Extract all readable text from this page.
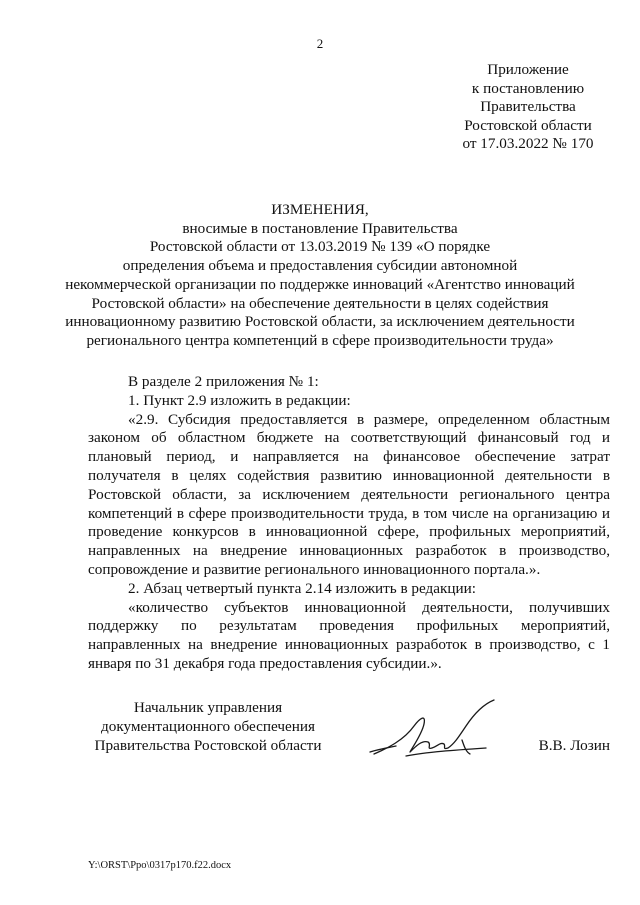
2
Приложение
к постановлению
Правительства
Ростовской области
от 17.03.2022 № 170
ИЗМЕНЕНИЯ,
вносимые в постановление Правительства
Ростовской области от 13.03.2019 № 139 «О порядке
определения объема и предоставления субсидии автономной
некоммерческой организации по поддержке инноваций «Агентство инноваций
Ростовской области» на обеспечение деятельности в целях содействия
инновационному развитию Ростовской области, за исключением деятельности
регионального центра компетенций в сфере производительности труда»

В разделе 2 приложения № 1:

1. Пункт 2.9 изложить в редакции:

«2.9. Субсидия предоставляется в размере, определенном областным законом об областном бюджете на соответствующий финансовый год и плановый период, и направляется на финансовое обеспечение затрат получателя в целях содействия развитию инновационной деятельности в Ростовской области, за исключением деятельности регионального центра компетенций в сфере производительности труда, в том числе на организацию и проведение конкурсов в инновационной сфере, профильных мероприятий, направленных на внедрение инновационных разработок в производство, сопровождение и развитие регионального инновационного портала.».

2. Абзац четвертый пункта 2.14 изложить в редакции:

«количество субъектов инновационной деятельности, получивших поддержку по результатам проведения профильных мероприятий, направленных на внедрение инновационных разработок в производство, с 1 января по 31 декабря года предоставления субсидии.».

Начальник управления
документационного обеспечения
Правительства Ростовской области	В.В. Лозин
Y:\ORST\Ppo\0317p170.f22.docx
